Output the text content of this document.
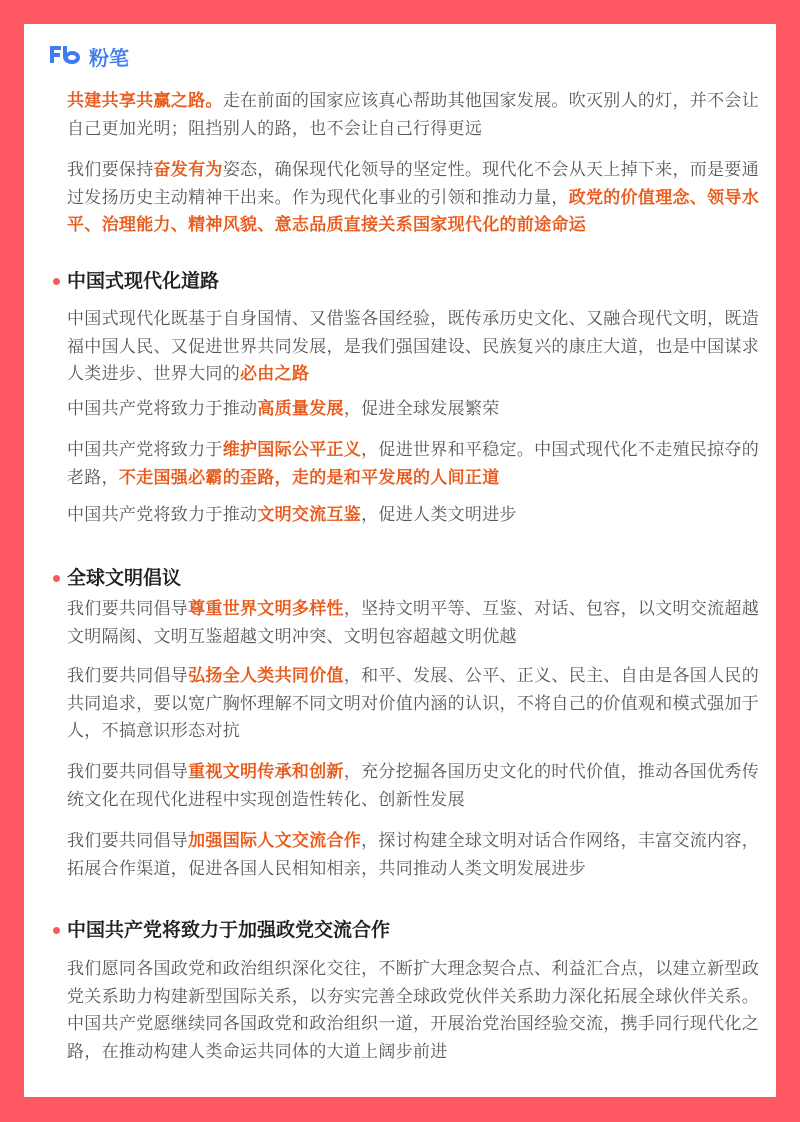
粉笔

共建共享共赢之路。走在前面的国家应该真心帮助其他国家发展。吹灭别人的灯，并不会让自己更加光明；阻挡别人的路，也不会让自己行得更远

我们要保持奋发有为姿态，确保现代化领导的坚定性。现代化不会从天上掉下来，而是要通过发扬历史主动精神干出来。作为现代化事业的引领和推动力量，政党的价值理念、领导水平、治理能力、精神风貌、意志品质直接关系国家现代化的前途命运

中国式现代化道路

中国式现代化既基于自身国情、又借鉴各国经验，既传承历史文化、又融合现代文明，既造福中国人民、又促进世界共同发展，是我们强国建设、民族复兴的康庄大道，也是中国谋求人类进步、世界大同的必由之路

中国共产党将致力于推动高质量发展，促进全球发展繁荣

中国共产党将致力于维护国际公平正义，促进世界和平稳定。中国式现代化不走殖民掠夺的老路，不走国强必霸的歪路，走的是和平发展的人间正道

中国共产党将致力于推动文明交流互鉴，促进人类文明进步

全球文明倡议

我们要共同倡导尊重世界文明多样性，坚持文明平等、互鉴、对话、包容，以文明交流超越文明隔阂、文明互鉴超越文明冲突、文明包容超越文明优越

我们要共同倡导弘扬全人类共同价值，和平、发展、公平、正义、民主、自由是各国人民的共同追求，要以宽广胸怀理解不同文明对价值内涵的认识，不将自己的价值观和模式强加于人，不搞意识形态对抗

我们要共同倡导重视文明传承和创新，充分挖掘各国历史文化的时代价值，推动各国优秀传统文化在现代化进程中实现创造性转化、创新性发展

我们要共同倡导加强国际人文交流合作，探讨构建全球文明对话合作网络，丰富交流内容，拓展合作渠道，促进各国人民相知相亲，共同推动人类文明发展进步

中国共产党将致力于加强政党交流合作

我们愿同各国政党和政治组织深化交往，不断扩大理念契合点、利益汇合点，以建立新型政党关系助力构建新型国际关系，以夯实完善全球政党伙伴关系助力深化拓展全球伙伴关系。中国共产党愿继续同各国政党和政治组织一道，开展治党治国经验交流，携手同行现代化之路，在推动构建人类命运共同体的大道上阔步前进
